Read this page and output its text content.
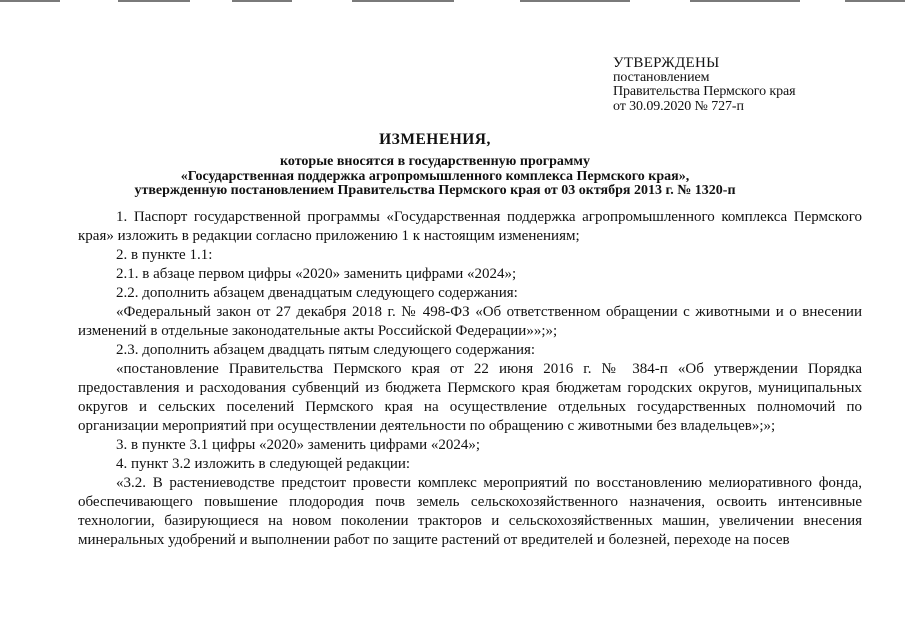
УТВЕРЖДЕНЫ
постановлением
Правительства Пермского края
от 30.09.2020 № 727-п
ИЗМЕНЕНИЯ,
которые вносятся в государственную программу
«Государственная поддержка агропромышленного комплекса Пермского края»,
утвержденную постановлением Правительства Пермского края от 03 октября 2013 г. № 1320-п

1. Паспорт государственной программы «Государственная поддержка агропромышленного комплекса Пермского края» изложить в редакции согласно приложению 1 к настоящим изменениям;

2. в пункте 1.1:

2.1. в абзаце первом цифры «2020» заменить цифрами «2024»;

2.2. дополнить абзацем двенадцатым следующего содержания:

«Федеральный закон от 27 декабря 2018 г. № 498-ФЗ «Об ответственном обращении с животными и о внесении изменений в отдельные законодательные акты Российской Федерации»»;»;

2.3. дополнить абзацем двадцать пятым следующего содержания:

«постановление Правительства Пермского края от 22 июня 2016 г. № 384-п «Об утверждении Порядка предоставления и расходования субвенций из бюджета Пермского края бюджетам городских округов, муниципальных округов и сельских поселений Пермского края на осуществление отдельных государственных полномочий по организации мероприятий при осуществлении деятельности по обращению с животными без владельцев»;»;

3. в пункте 3.1 цифры «2020» заменить цифрами «2024»;

4. пункт 3.2 изложить в следующей редакции:

«3.2. В растениеводстве предстоит провести комплекс мероприятий по восстановлению мелиоративного фонда, обеспечивающего повышение плодородия почв земель сельскохозяйственного назначения, освоить интенсивные технологии, базирующиеся на новом поколении тракторов и сельскохозяйственных машин, увеличении внесения минеральных удобрений и выполнении работ по защите растений от вредителей и болезней, переходе на посев
